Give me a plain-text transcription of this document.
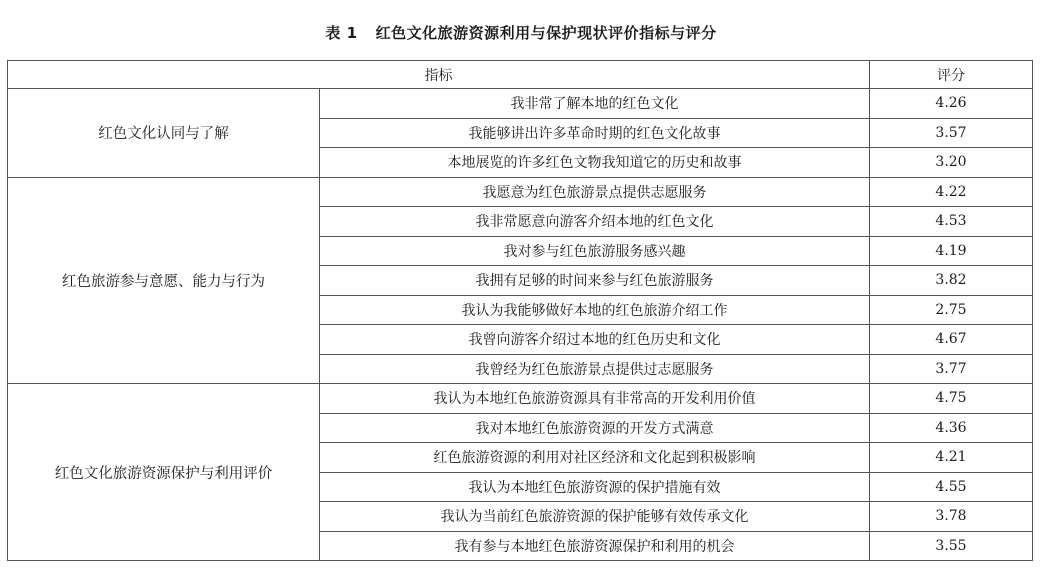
表 1 红色文化旅游资源利用与保护现状评价指标与评分
指标		评分
红色文化认同与了解	我非常了解本地的红色文化	4.26
	我能够讲出许多革命时期的红色文化故事	3.57
	本地展览的许多红色文物我知道它的历史和故事	3.20
红色旅游参与意愿、能力与行为	我愿意为红色旅游景点提供志愿服务	4.22
	我非常愿意向游客介绍本地的红色文化	4.53
	我对参与红色旅游服务感兴趣	4.19
	我拥有足够的时间来参与红色旅游服务	3.82
	我认为我能够做好本地的红色旅游介绍工作	2.75
	我曾向游客介绍过本地的红色历史和文化	4.67
	我曾经为红色旅游景点提供过志愿服务	3.77
红色文化旅游资源保护与利用评价	我认为本地红色旅游资源具有非常高的开发利用价值	4.75
	我对本地红色旅游资源的开发方式满意	4.36
	红色旅游资源的利用对社区经济和文化起到积极影响	4.21
	我认为本地红色旅游资源的保护措施有效	4.55
	我认为当前红色旅游资源的保护能够有效传承文化	3.78
	我有参与本地红色旅游资源保护和利用的机会	3.55
